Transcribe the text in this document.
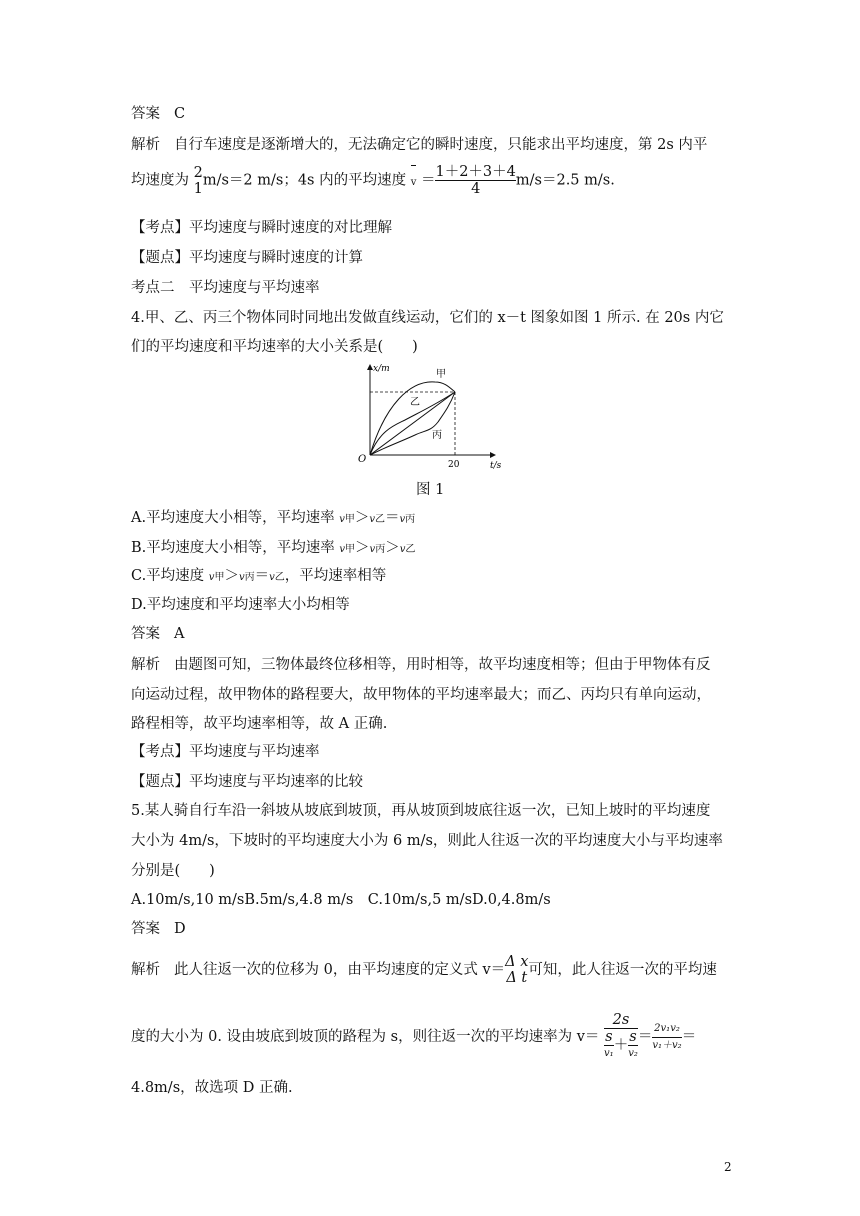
答案 C
解析 自行车速度是逐渐增大的，无法确定它的瞬时速度，只能求出平均速度，第 2s 内平
均速度为 2
1 m/s＝2 m/s；4s 内的平均速度 $v = \frac{1+2+3+4}{4} m/s=2.5$ m/s.
【考点】平均速度与瞬时速度的对比理解
【题点】平均速度与瞬时速度的计算
考点二　平均速度与平均速率
4.甲、乙、丙三个物体同时同地出发做直线运动，它们的 x－t 图象如图 1 所示. 在 20s 内它
们的平均速度和平均速率的大小关系是(　　)
x/m
t/s
O	20
甲
乙
丙
图 1
A.平均速度大小相等，平均速率 v甲＞v乙＝v丙
B.平均速度大小相等，平均速率 v甲＞v丙＞v乙
C.平均速度 v甲＞v丙＝v乙，平均速率相等
D.平均速度和平均速率大小均相等
答案 A
解析 由题图可知，三物体最终位移相等，用时相等，故平均速度相等；但由于甲物体有反
向运动过程，故甲物体的路程要大，故甲物体的平均速率最大；而乙、丙均只有单向运动，
路程相等，故平均速率相等，故 A 正确.
【考点】平均速度与平均速率
【题点】平均速度与平均速率的比较
5.某人骑自行车沿一斜坡从坡底到坡顶，再从坡顶到坡底往返一次，已知上坡时的平均速度
大小为 4m/s，下坡时的平均速度大小为 6 m/s，则此人往返一次的平均速度大小与平均速率
分别是(　　)
A.10m/s,10 m/sB.5m/s,4.8 m/s　C.10m/s,5 m/sD.0,4.8m/s
答案 D
解析 此人往返一次的位移为 0，由平均速度的定义式 v＝ Δ x
Δ t 可知，此人往返一次的平均速
度的大小为 0. 设由坡底到坡顶的路程为 s，则往返一次的平均速率为 $v= \frac{2s}{\frac{s}{\text{v₁}} + \frac{s}{\text{v₂}}} = \frac{\text{2v₁v₂}}{\text{v₁＋v₂}}$ ＝
4.8m/s，故选项 D 正确.
2
